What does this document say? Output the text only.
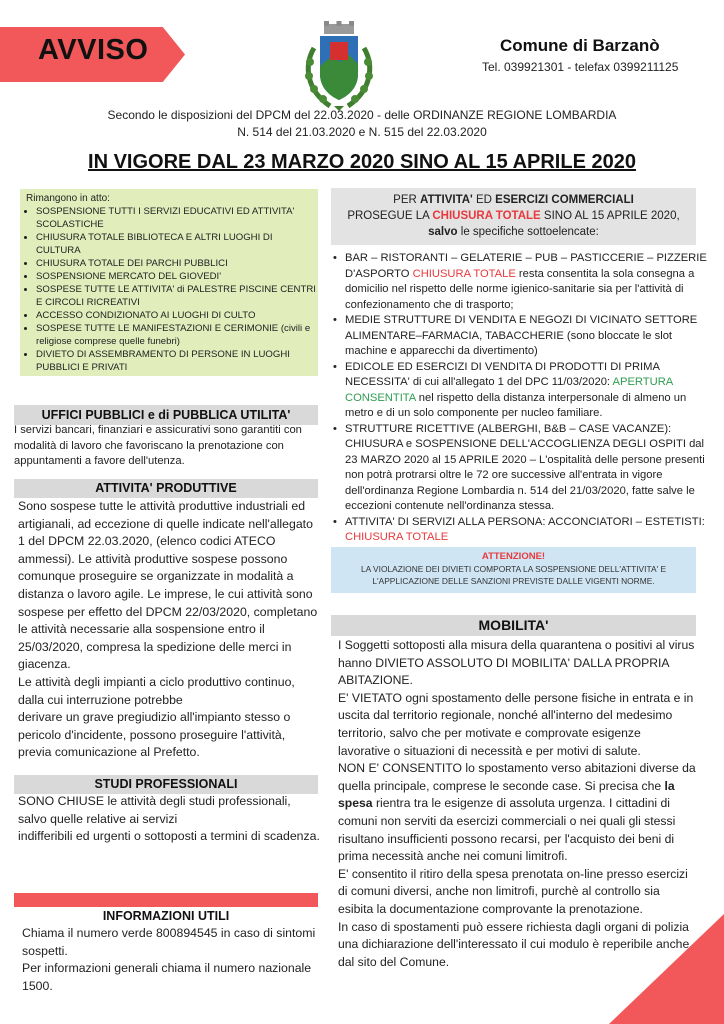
AVVISO	Comune di Barzanò
Tel. 039921301 - telefax 0399211125
Secondo le disposizioni del DPCM del 22.03.2020 - delle ORDINANZE REGIONE LOMBARDIA
N. 514 del 21.03.2020 e N. 515 del 22.03.2020
IN VIGORE DAL 23 MARZO 2020 SINO AL 15 APRILE 2020
Rimangono in atto:
• SOSPENSIONE TUTTI I SERVIZI EDUCATIVI ED ATTIVITA' SCOLASTICHE
• CHIUSURA TOTALE BIBLIOTECA E ALTRI LUOGHI DI CULTURA
• CHIUSURA TOTALE DEI PARCHI PUBBLICI
• SOSPENSIONE MERCATO DEL GIOVEDI'
• SOSPESE TUTTE LE ATTIVITA' di PALESTRE PISCINE CENTRI E CIRCOLI RICREATIVI
• ACCESSO CONDIZIONATO AI LUOGHI DI CULTO
• SOSPESE TUTTE LE MANIFESTAZIONI E CERIMONIE (civili e religiose comprese quelle funebri)
• DIVIETO DI ASSEMBRAMENTO DI PERSONE IN LUOGHI PUBBLICI E PRIVATI
UFFICI PUBBLICI e di PUBBLICA UTILITA'
I servizi bancari, finanziari e assicurativi sono garantiti con modalità di lavoro che favoriscano la prenotazione con appuntamenti a favore dell'utenza.
ATTIVITA' PRODUTTIVE
Sono sospese tutte le attività produttive industriali ed artigianali, ad eccezione di quelle indicate nell'allegato 1 del DPCM 22.03.2020, (elenco codici ATECO ammessi). Le attività produttive sospese possono comunque proseguire se organizzate in modalità a distanza o lavoro agile. Le imprese, le cui attività sono sospese per effetto del DPCM 22/03/2020, completano le attività necessarie alla sospensione entro il 25/03/2020, compresa la spedizione delle merci in giacenza.
Le attività degli impianti a ciclo produttivo continuo, dalla cui interruzione potrebbe
derivare un grave pregiudizio all'impianto stesso o pericolo d'incidente, possono proseguire l'attività, previa comunicazione al Prefetto.
STUDI PROFESSIONALI
SONO CHIUSE le attività degli studi professionali,
salvo quelle relative ai servizi
indifferibili ed urgenti o sottoposti a termini di scadenza.
INFORMAZIONI UTILI
Chiama il numero verde 800894545 in caso di sintomi sospetti.
Per informazioni generali chiama il numero nazionale 1500.
PER ATTIVITA' ED ESERCIZI COMMERCIALI
PROSEGUE LA CHIUSURA TOTALE SINO AL 15 APRILE 2020,
salvo le specifiche sottoelencate:
• BAR – RISTORANTI – GELATERIE – PUB – PASTICCERIE – PIZZERIE D'ASPORTO CHIUSURA TOTALE resta consentita la sola consegna a domicilio nel rispetto delle norme igienico-sanitarie sia per l'attività di confezionamento che di trasporto;
• MEDIE STRUTTURE DI VENDITA E NEGOZI DI VICINATO SETTORE ALIMENTARE–FARMACIA, TABACCHERIE (sono bloccate le slot machine e apparecchi da divertimento)
• EDICOLE ED ESERCIZI DI VENDITA DI PRODOTTI DI PRIMA NECESSITA' di cui all'allegato 1 del DPC 11/03/2020: APERTURA CONSENTITA nel rispetto della distanza interpersonale di almeno un metro e di un solo componente per nucleo familiare.
• STRUTTURE RICETTIVE (ALBERGHI, B&B – CASE VACANZE): CHIUSURA e SOSPENSIONE DELL'ACCOGLIENZA DEGLI OSPITI dal 23 MARZO 2020 al 15 APRILE 2020 – L'ospitalità delle persone presenti non potrà protrarsi oltre le 72 ore successive all'entrata in vigore dell'ordinanza Regione Lombardia n. 514 del 21/03/2020, fatte salve le eccezioni contenute nell'ordinanza stessa.
• ATTIVITA' DI SERVIZI ALLA PERSONA: ACCONCIATORI – ESTETISTI: CHIUSURA TOTALE
ATTENZIONE!
LA VIOLAZIONE DEI DIVIETI COMPORTA LA SOSPENSIONE DELL'ATTIVITA' E
L'APPLICAZIONE DELLE SANZIONI PREVISTE DALLE VIGENTI NORME.
MOBILITA'
I Soggetti sottoposti alla misura della quarantena o positivi al virus hanno DIVIETO ASSOLUTO DI MOBILITA' DALLA PROPRIA ABITAZIONE.
E' VIETATO ogni spostamento delle persone fisiche in entrata e in uscita dal territorio regionale, nonché all'interno del medesimo territorio, salvo che per motivate e comprovate esigenze lavorative o situazioni di necessità e per motivi di salute.
NON E' CONSENTITO lo spostamento verso abitazioni diverse da quella principale, comprese le seconde case. Si precisa che la spesa rientra tra le esigenze di assoluta urgenza. I cittadini di comuni non serviti da esercizi commerciali o nei quali gli stessi risultano insufficienti possono recarsi, per l'acquisto dei beni di prima necessità anche nei comuni limitrofi.
E' consentito il ritiro della spesa prenotata on-line presso esercizi di comuni diversi, anche non limitrofi, purchè al controllo sia esibita la documentazione comprovante la prenotazione.
In caso di spostamenti può essere richiesta dagli organi di polizia una dichiarazione dell'interessato il cui modulo è reperibile anche dal sito del Comune.
